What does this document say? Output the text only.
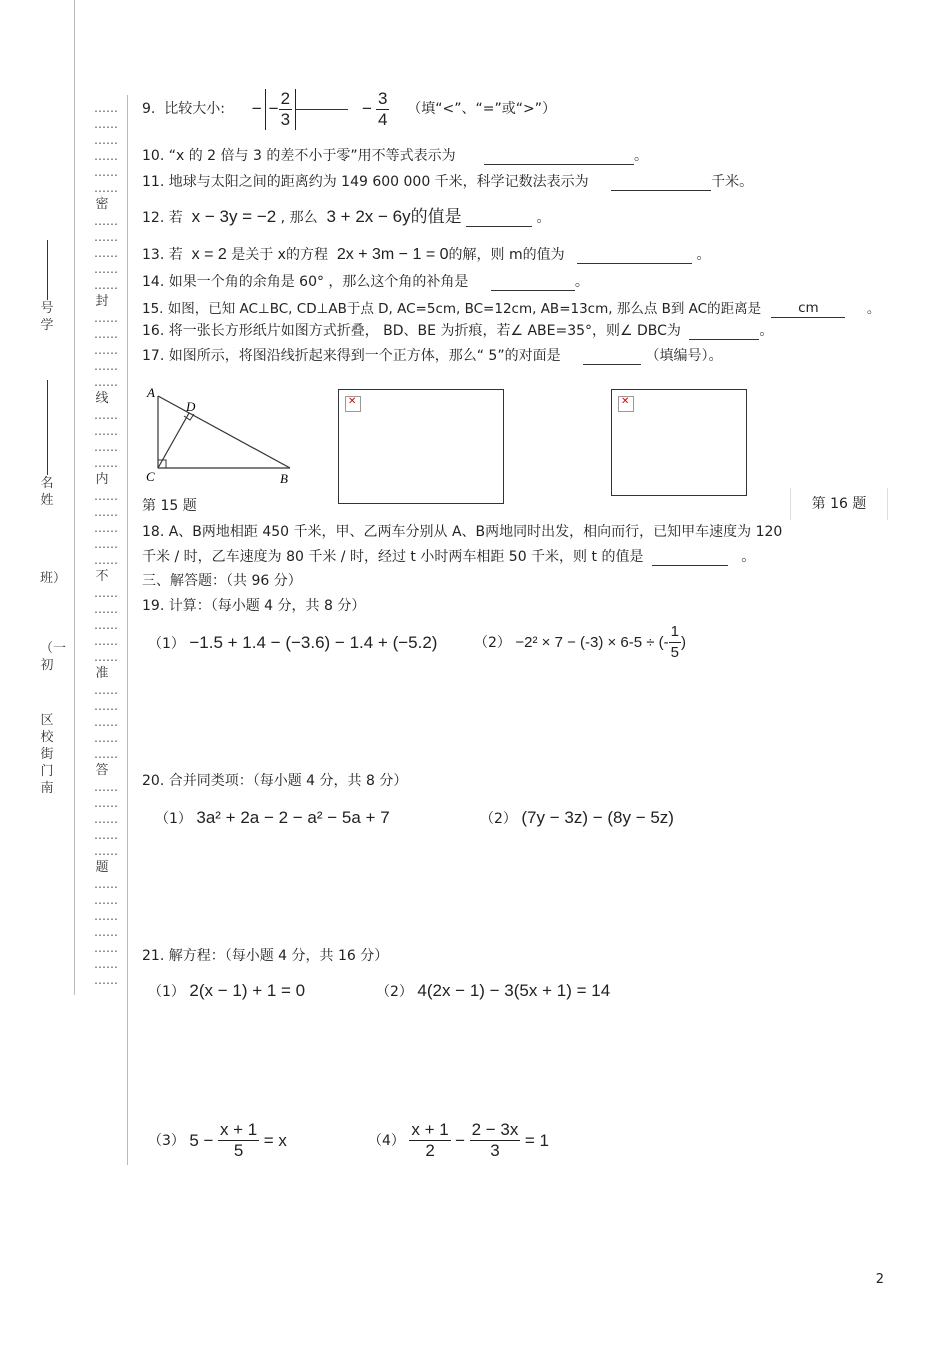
号学
名姓
班）
（一初
区校街门南
……
……
……
……
……
……
密
……
……
……
……
……
封
……
……
……
……
……
线
……
……
……
……
内
……
……
……
……
……
不
……
……
……
……
……
准
……
……
……
……
……
答
……
……
……
……
……
题
……
……
……
……
……
……
……
9.
比较大小:
− − $\frac{2}{3}$	− $\frac{3}{4}$
（填“<”、“=”或“>”）
10. “x 的 2 倍与 3 的差不小于零”用不等式表示为	。
11. 地球与太阳之间的距离约为 149 600 000 千米，科学记数法表示为	千米。
12. 若 x − 3y = −2 , 那么 3 + 2x − 6y的值是	。
13. 若 x = 2 是关于 x的方程 2x + 3m − 1 = 0的解，则 m的值为	。
14. 如果一个角的余角是 60° ，那么这个角的补角是	。
15. 如图，已知 AC⊥BC, CD⊥AB于点 D, AC=5cm, BC=12cm, AB=13cm, 那么点 B到 AC的距离是	cm	。
16. 将一张长方形纸片如图方式折叠， BD、BE 为折痕，若∠ ABE=35°，则∠ DBC为	。
17. 如图所示，将图沿线折起来得到一个正方体，那么“ 5”的对面是	（填编号）。
A
D
C	B
第 15 题
✕
✕	第 16 题
18. A、B两地相距 450 千米，甲、乙两车分别从 A、B两地同时出发，相向而行，已知甲车速度为 120
千米 / 时，乙车速度为 80 千米 / 时，经过 t 小时两车相距 50 千米，则 t 的值是	。
三、解答题：（共 96 分）
19. 计算：（每小题 4 分，共 8 分）
（1） −1.5 + 1.4 − (−3.6) − 1.4 + (−5.2)	（2）
−2² × 7 − (-3) × 6-5 ÷ (- $\frac{1}{5}$ )
20. 合并同类项：（每小题 4 分，共 8 分）
（1） 3a² + 2a − 2 − a² − 5a + 7	（2） (7y − 3z) − (8y − 5z)
21. 解方程：（每小题 4 分，共 16 分）
（1） 2(x − 1) + 1 = 0	（2） 4(2x − 1) − 3(5x + 1) = 14
（3）
5 −
$\frac{x + 1}{5}$
= x	（4）
$\frac{x + 1}{2}$
−
$\frac{2 - 3x}{3}$
= 1
2
